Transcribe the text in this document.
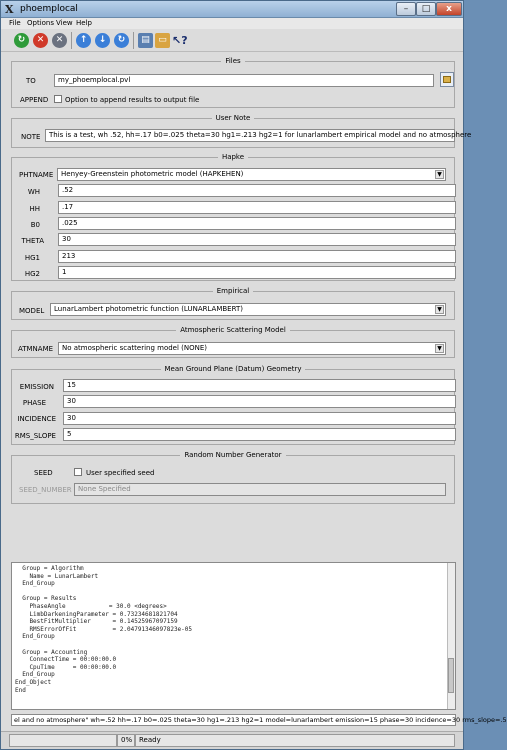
X phoemplocal	–	□	x
File Options View Help
↻	✕	✕	↑	↓	↻	▤ ▭ ↖?
Files
TO	my_phoemplocal.pvl
APPEND Option to append results to output file
User Note
NOTE	This is a test, wh .52, hh=.17 b0=.025 theta=30 hg1=.213 hg2=1 for lunarlambert empirical model and no atmosphere
Hapke
PHTNAME	Henyey-Greenstein photometric model (HAPKEHEN)	▼
WH	.52
HH	.17
B0	.025
THETA	30
HG1	213
HG2	1
Empirical
MODEL	LunarLambert photometric function (LUNARLAMBERT)	▼
Atmospheric Scattering Model
ATMNAME	No atmospheric scattering model (NONE)	▼
Mean Ground Plane (Datum) Geometry
EMISSION	15
PHASE	30
INCIDENCE	30
RMS_SLOPE	5
Random Number Generator
SEED	User specified seed
SEED_NUMBER None Specified
Group = Algorithm
Name = LunarLambert
End_Group

Group = Results
PhaseAngle            = 30.0 <degrees>
LimbDarkeningParameter = 0.73234681821704
BestFitMultiplier      = 0.14525967097159
RMSErrorOfFit          = 2.04791346097823e-05
End_Group

Group = Accounting
ConnectTime = 00:00:00.0
CpuTime     = 00:00:00.0
End_Group
End_Object
End
el and no atmosphere" wh=.52 hh=.17 b0=.025 theta=30 hg1=.213 hg2=1 model=lunarlambert emission=15 phase=30 incidence=30 rms_slope=.5
0% Ready
